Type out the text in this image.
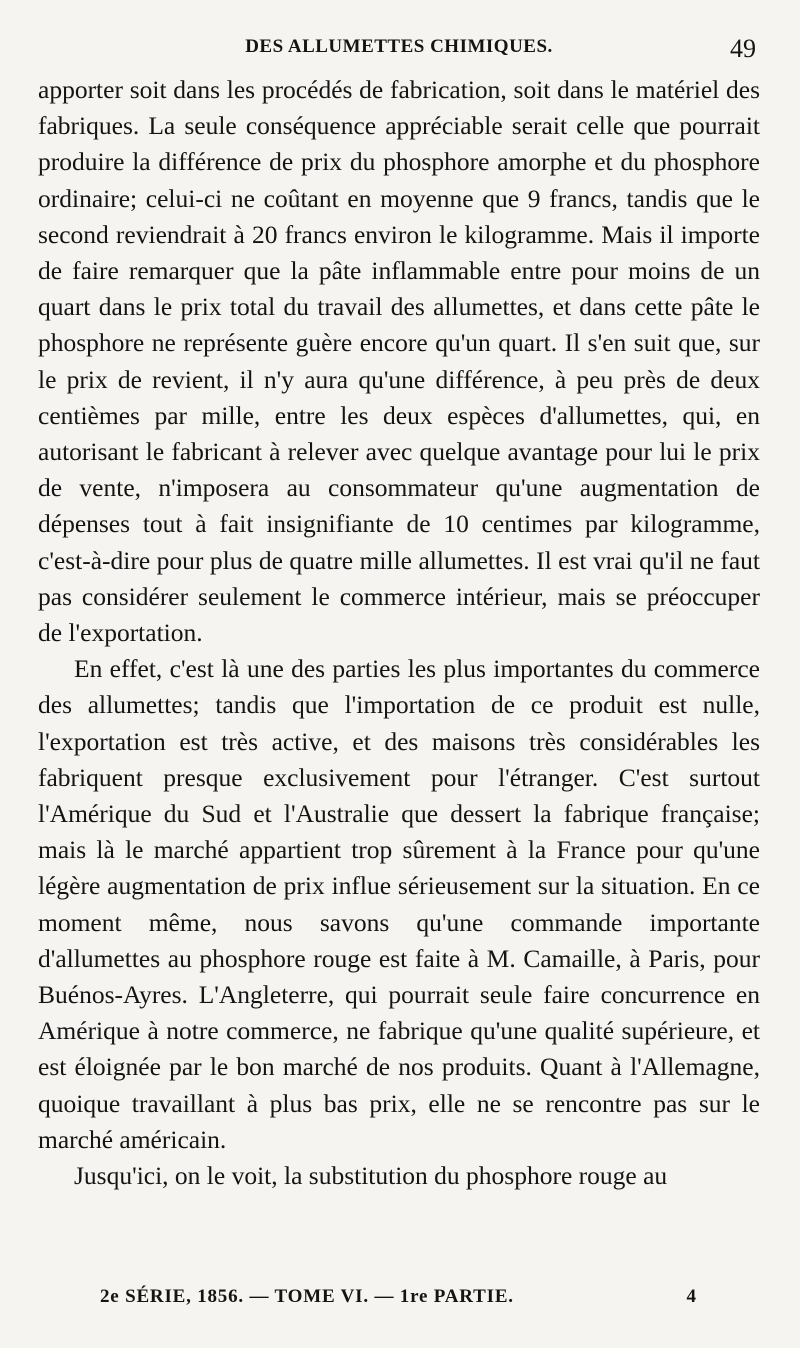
DES ALLUMETTES CHIMIQUES.	49

apporter soit dans les procédés de fabrication, soit dans le matériel des fabriques. La seule conséquence appréciable serait celle que pourrait produire la différence de prix du phosphore amorphe et du phosphore ordinaire; celui-ci ne coûtant en moyenne que 9 francs, tandis que le second reviendrait à 20 francs environ le kilogramme. Mais il importe de faire remarquer que la pâte inflammable entre pour moins de un quart dans le prix total du travail des allumettes, et dans cette pâte le phosphore ne représente guère encore qu'un quart. Il s'en suit que, sur le prix de revient, il n'y aura qu'une différence, à peu près de deux centièmes par mille, entre les deux espèces d'allumettes, qui, en autorisant le fabricant à relever avec quelque avantage pour lui le prix de vente, n'imposera au consommateur qu'une augmentation de dépenses tout à fait insignifiante de 10 centimes par kilogramme, c'est-à-dire pour plus de quatre mille allumettes. Il est vrai qu'il ne faut pas considérer seulement le commerce intérieur, mais se préoccuper de l'exportation.

En effet, c'est là une des parties les plus importantes du commerce des allumettes; tandis que l'importation de ce produit est nulle, l'exportation est très active, et des maisons très considérables les fabriquent presque exclusivement pour l'étranger. C'est surtout l'Amérique du Sud et l'Australie que dessert la fabrique française; mais là le marché appartient trop sûrement à la France pour qu'une légère augmentation de prix influe sérieusement sur la situation. En ce moment même, nous savons qu'une commande importante d'allumettes au phosphore rouge est faite à M. Camaille, à Paris, pour Buénos-Ayres. L'Angleterre, qui pourrait seule faire concurrence en Amérique à notre commerce, ne fabrique qu'une qualité supérieure, et est éloignée par le bon marché de nos produits. Quant à l'Allemagne, quoique travaillant à plus bas prix, elle ne se rencontre pas sur le marché américain.

Jusqu'ici, on le voit, la substitution du phosphore rouge au

2e SÉRIE, 1856. — TOME VI. — 1re PARTIE.	4
